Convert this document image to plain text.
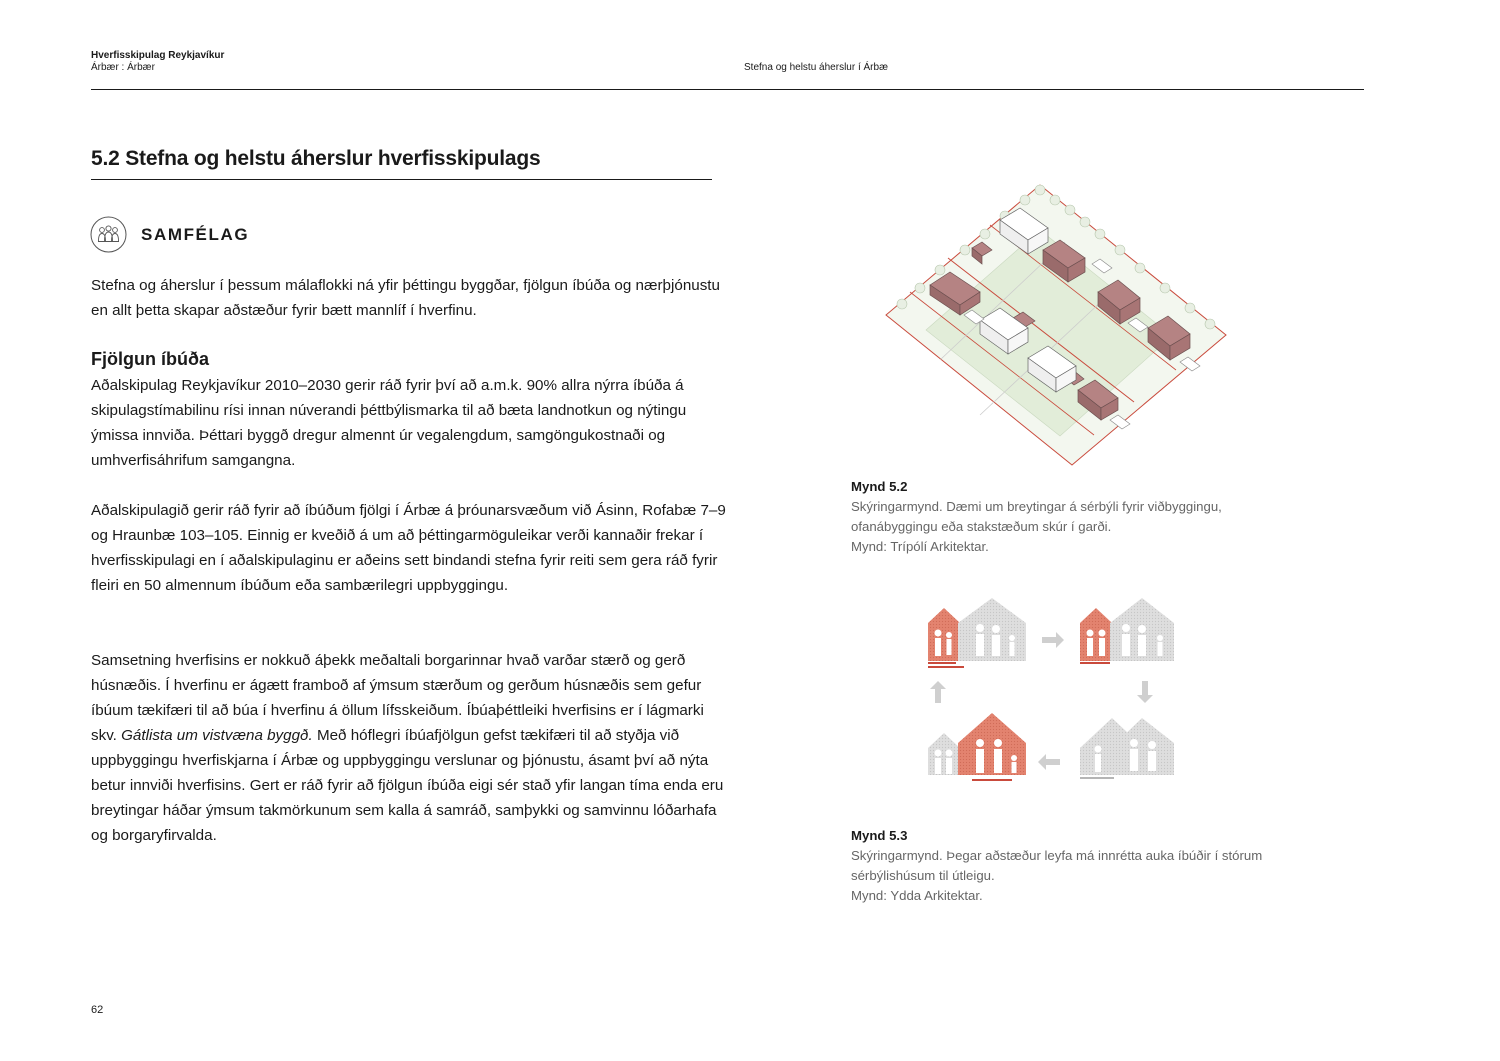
Hverfisskipulag Reykjavíkur
Árbær : Árbær	Stefna og helstu áherslur í Árbæ
5.2 Stefna og helstu áherslur hverfisskipulags
SAMFÉLAG

Stefna og áherslur í þessum málaflokki ná yfir þéttingu byggðar, fjölgun íbúða og nærþjónustu en allt þetta skapar aðstæður fyrir bætt mannlíf í hverfinu.

Fjölgun íbúða

Aðalskipulag Reykjavíkur 2010–2030 gerir ráð fyrir því að a.m.k. 90% allra nýrra íbúða á skipulagstímabilinu rísi innan núverandi þéttbýlismarka til að bæta landnotkun og nýtingu ýmissa innviða. Þéttari byggð dregur almennt úr vegalengdum, samgöngukostnaði og umhverfisáhrifum samgangna.

Aðalskipulagið gerir ráð fyrir að íbúðum fjölgi í Árbæ á þróunarsvæðum við Ásinn, Rofabæ 7–9 og Hraunbæ 103–105. Einnig er kveðið á um að þéttingarmöguleikar verði kannaðir frekar í hverfisskipulagi en í aðalskipulaginu er aðeins sett bindandi stefna fyrir reiti sem gera ráð fyrir fleiri en 50 almennum íbúðum eða sambærilegri uppbyggingu.

Samsetning hverfisins er nokkuð áþekk meðaltali borgarinnar hvað varðar stærð og gerð húsnæðis. Í hverfinu er ágætt framboð af ýmsum stærðum og gerðum húsnæðis sem gefur íbúum tækifæri til að búa í hverfinu á öllum lífsskeiðum. Íbúaþéttleiki hverfisins er í lágmarki skv. Gátlista um vistvæna byggð. Með hóflegri íbúafjölgun gefst tækifæri til að styðja við uppbyggingu hverfiskjarna í Árbæ og uppbyggingu verslunar og þjónustu, ásamt því að nýta betur innviði hverfisins. Gert er ráð fyrir að fjölgun íbúða eigi sér stað yfir langan tíma enda eru breytingar háðar ýmsum takmörkunum sem kalla á samráð, samþykki og samvinnu lóðarhafa og borgaryfirvalda.

Mynd 5.2
Skýringarmynd. Dæmi um breytingar á sérbýli fyrir viðbyggingu, ofanábyggingu eða stakstæðum skúr í garði.
Mynd: Trípólí Arkitektar.
Mynd 5.3
Skýringarmynd. Þegar aðstæður leyfa má innrétta auka íbúðir í stórum sérbýlishúsum til útleigu.
Mynd: Ydda Arkitektar.
62
